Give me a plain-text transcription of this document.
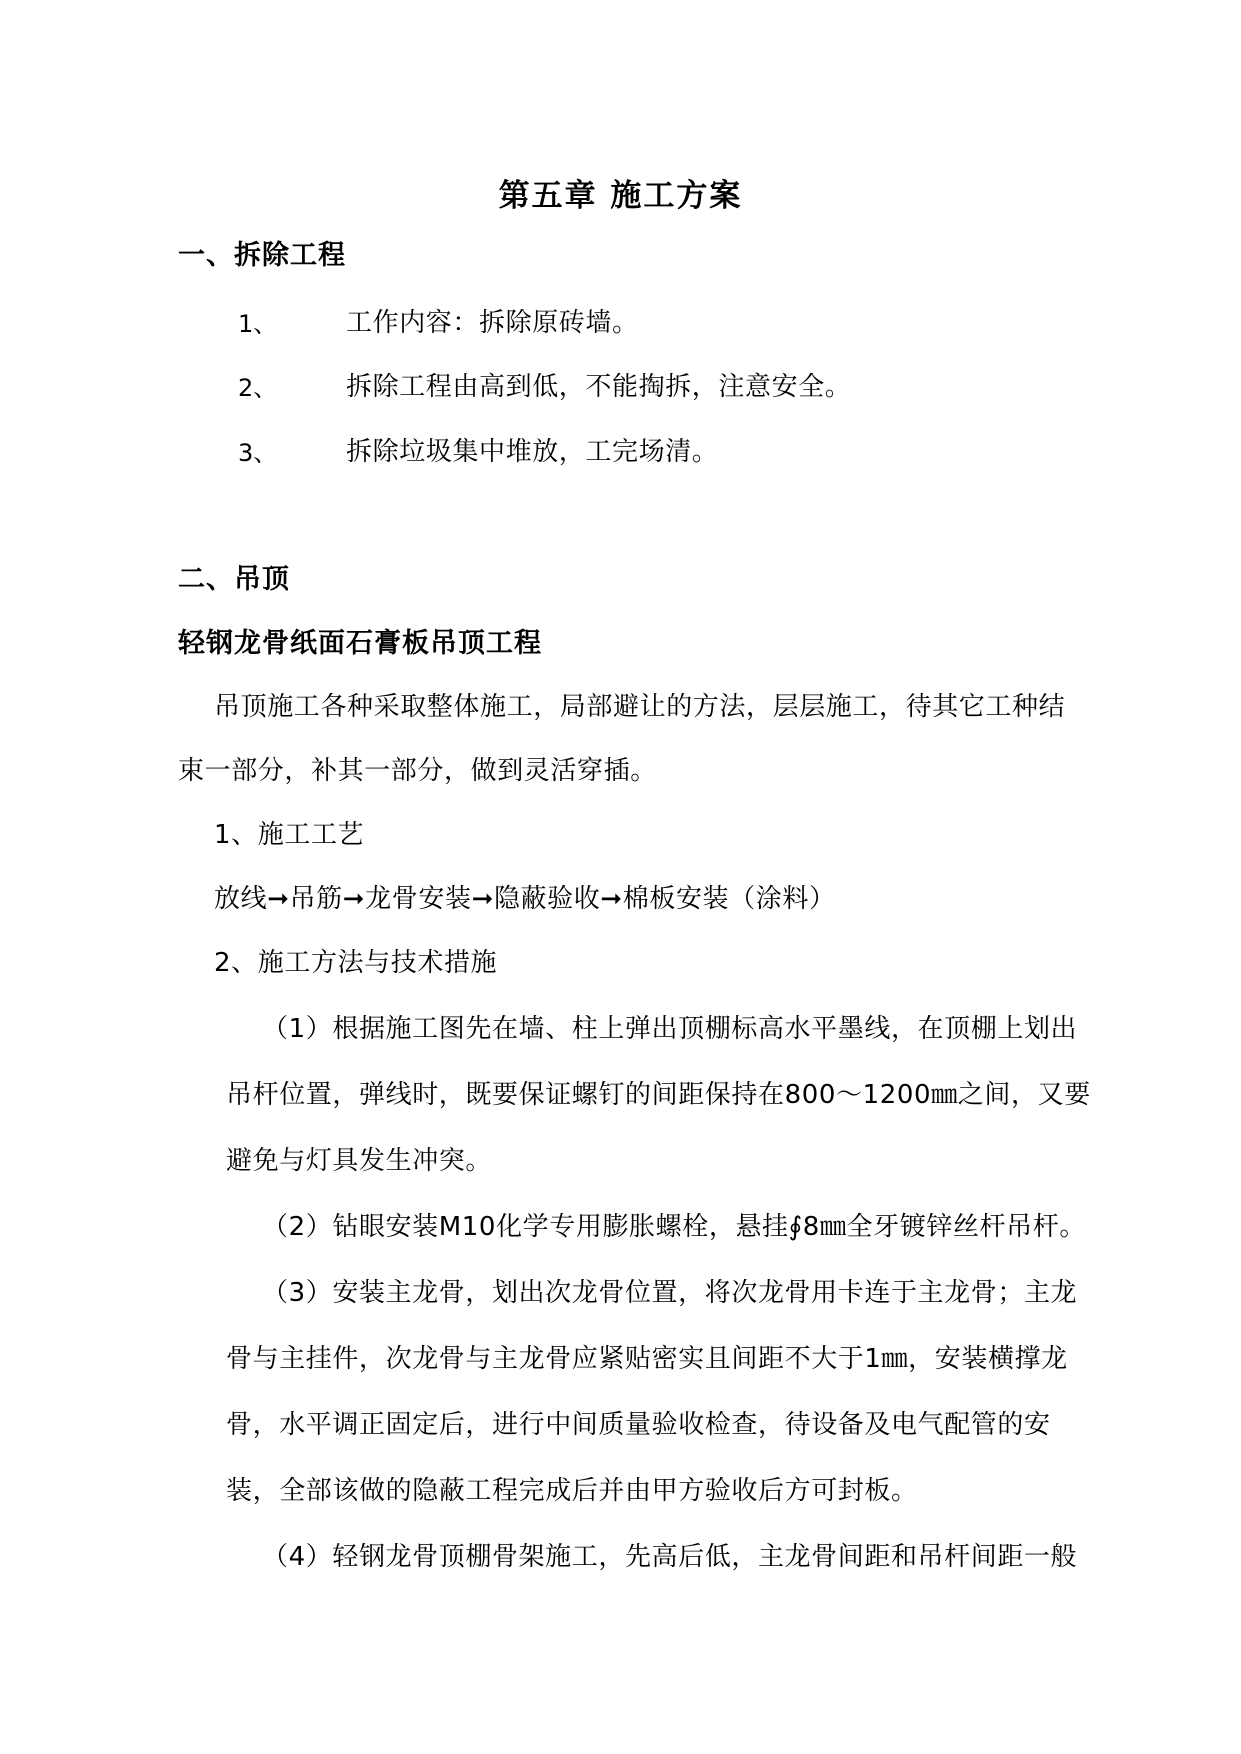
第五章 施工方案
一、拆除工程
1、	工作内容：拆除原砖墙。
2、	拆除工程由高到低，不能掏拆，注意安全。
3、	拆除垃圾集中堆放，工完场清。
二、吊顶
轻钢龙骨纸面石膏板吊顶工程
吊顶施工各种采取整体施工，局部避让的方法，层层施工，待其它工种结
束一部分，补其一部分，做到灵活穿插。
1、施工工艺
放线➞吊筋➞龙骨安装➞隐蔽验收➞棉板安装（涂料）
2、施工方法与技术措施
（1）根据施工图先在墙、柱上弹出顶棚标高水平墨线，在顶棚上划出
吊杆位置，弹线时，既要保证螺钉的间距保持在800～1200㎜之间，又要
避免与灯具发生冲突。
（2）钻眼安装M10化学专用膨胀螺栓，悬挂∮8㎜全牙镀锌丝杆吊杆。
（3）安装主龙骨，划出次龙骨位置，将次龙骨用卡连于主龙骨；主龙
骨与主挂件，次龙骨与主龙骨应紧贴密实且间距不大于1㎜，安装横撑龙
骨，水平调正固定后，进行中间质量验收检查，待设备及电气配管的安
装，全部该做的隐蔽工程完成后并由甲方验收后方可封板。
（4）轻钢龙骨顶棚骨架施工，先高后低，主龙骨间距和吊杆间距一般
